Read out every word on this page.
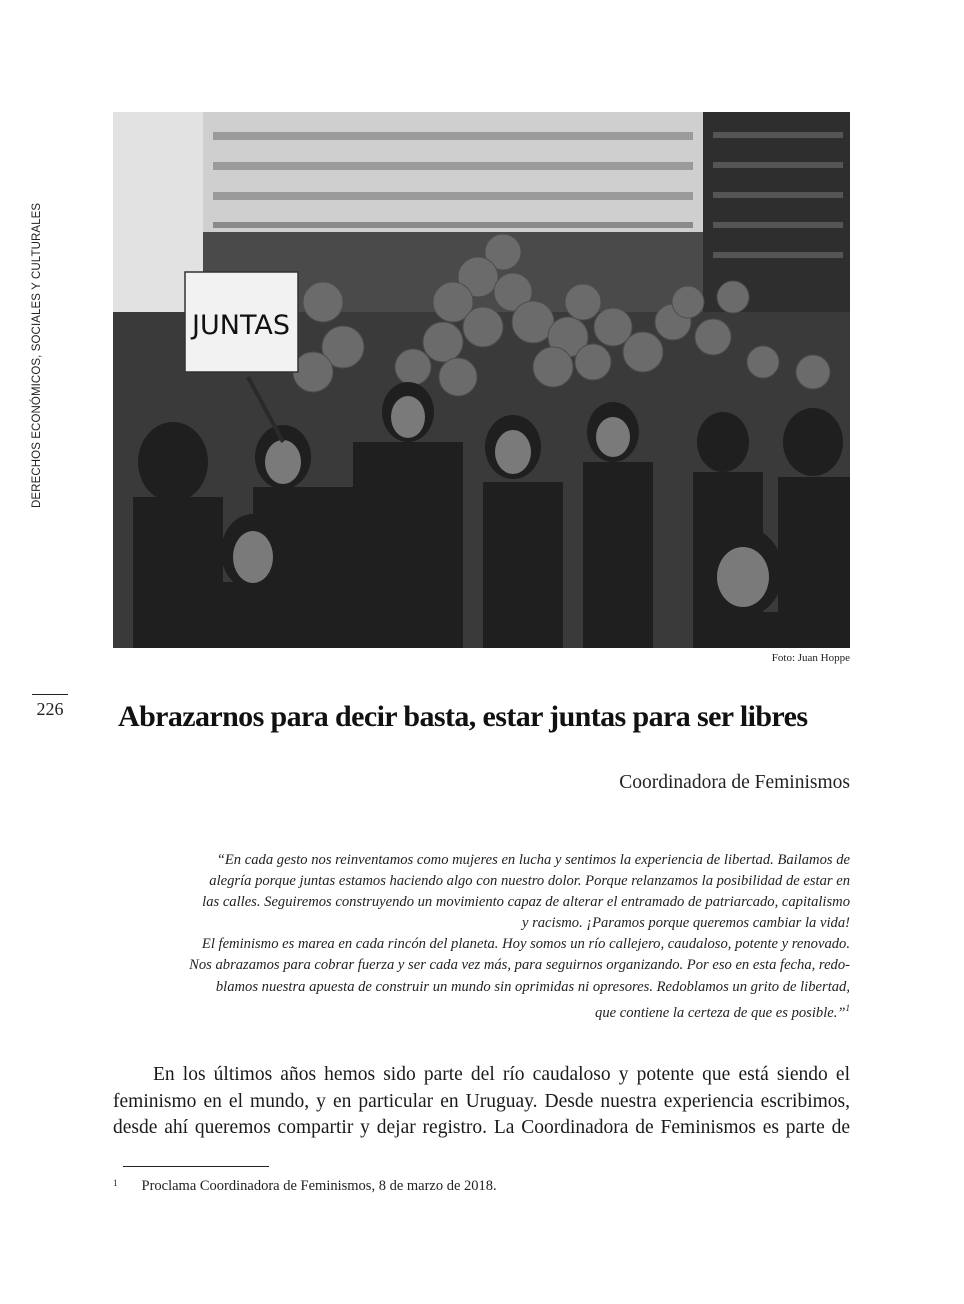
DERECHOS ECONÓMICOS, SOCIALES Y CULTURALES	JUNTAS
Foto: Juan Hoppe
226 Abrazarnos para decir basta, estar juntas para ser libres
Coordinadora de Feminismos
“En cada gesto nos reinventamos como mujeres en lucha y sentimos la experiencia de libertad. Bailamos de
alegría porque juntas estamos haciendo algo con nuestro dolor. Porque relanzamos la posibilidad de estar en
las calles. Seguiremos construyendo un movimiento capaz de alterar el entramado de patriarcado, capitalismo
y racismo. ¡Paramos porque queremos cambiar la vida!
El feminismo es marea en cada rincón del planeta. Hoy somos un río callejero, caudaloso, potente y renovado.
Nos abrazamos para cobrar fuerza y ser cada vez más, para seguirnos organizando. Por eso en esta fecha, redo-
blamos nuestra apuesta de construir un mundo sin oprimidas ni opresores. Redoblamos un grito de libertad,
que contiene la certeza de que es posible.”$^1$
En los últimos años hemos sido parte del río caudaloso y potente que está siendo el
feminismo en el mundo, y en particular en Uruguay. Desde nuestra experiencia escribimos,
desde ahí queremos compartir y dejar registro. La Coordinadora de Feminismos es parte de
$^1$ Proclama Coordinadora de Feminismos, 8 de marzo de 2018.
